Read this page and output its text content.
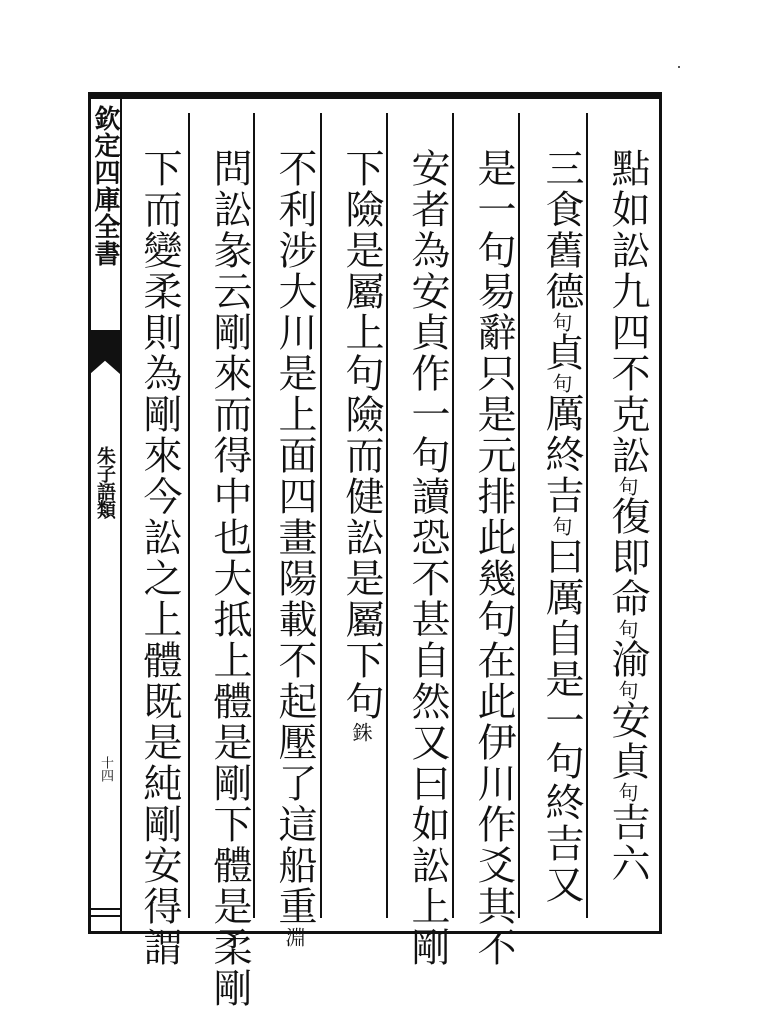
欽定四庫全書
朱子語類
十四
點如訟九四不克訟句復即命句渝句安貞句吉六
三食舊德句貞句厲終吉句曰厲自是一句終吉又
是一句易辭只是元排此幾句在此伊川作爻其不
安者為安貞作一句讀恐不甚自然又曰如訟上剛
下險是屬上句險而健訟是屬下句銖
不利涉大川是上面四畫陽載不起壓了這船重淵
問訟彖云剛來而得中也大抵上體是剛下體是柔剛
下而變柔則為剛來今訟之上體既是純剛安得謂
